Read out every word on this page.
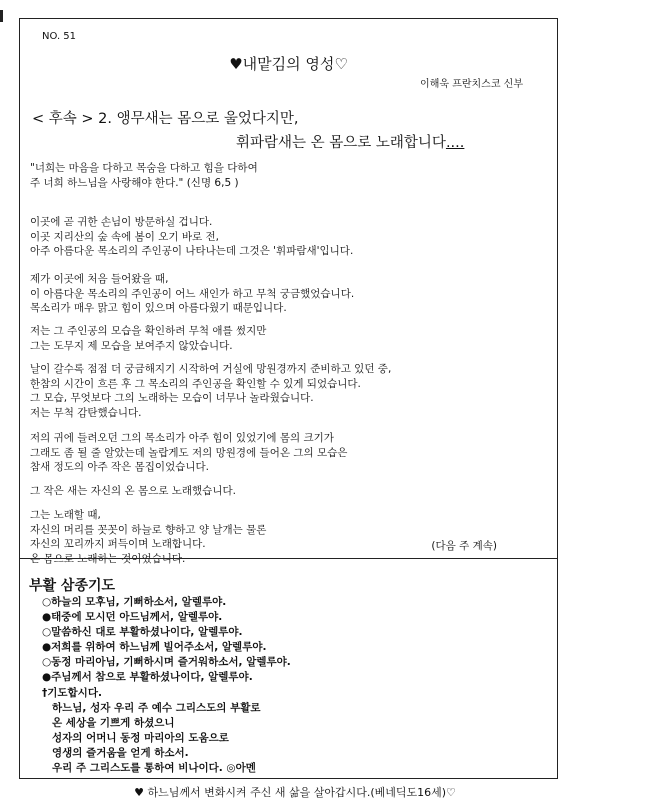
NO. 51
♥내맡김의 영성♡
이해욱 프란치스코 신부
< 후속 > 2. 앵무새는 몸으로 울었다지만,
휘파람새는 온 몸으로 노래합니다....
"너희는 마음을 다하고 목숨을 다하고 힘을 다하여
주 너희 하느님을 사랑해야 한다." (신명 6,5 )
이곳에 곧 귀한 손님이 방문하실 겁니다.
이곳 지리산의 숲 속에 봄이 오기 바로 전,
아주 아름다운 목소리의 주인공이 나타나는데 그것은 '휘파람새'입니다.
제가 이곳에 처음 들어왔을 때,
이 아름다운 목소리의 주인공이 어느 새인가 하고 무척 궁금했었습니다.
목소리가 매우 맑고 힘이 있으며 아름다웠기 때문입니다.
저는 그 주인공의 모습을 확인하려 무척 애를 썼지만
그는 도무지 제 모습을 보여주지 않았습니다.
날이 갈수록 점점 더 궁금해지기 시작하여 거실에 망원경까지 준비하고 있던 중,
한참의 시간이 흐른 후 그 목소리의 주인공을 확인할 수 있게 되었습니다.
그 모습, 무엇보다 그의 노래하는 모습이 너무나 놀라웠습니다.
저는 무척 감탄했습니다.
저의 귀에 들려오던 그의 목소리가 아주 힘이 있었기에 몸의 크기가
그래도 좀 될 줄 알았는데 놀랍게도 저의 망원경에 들어온 그의 모습은
참새 정도의 아주 작은 몸집이었습니다.
그 작은 새는 자신의 온 몸으로 노래했습니다.
그는 노래할 때,
자신의 머리를 꼿꼿이 하늘로 향하고 양 날개는 물론
자신의 꼬리까지 퍼득이며 노래합니다.
온 몸으로 노래하는 것이었습니다.
(다음 주 계속)
부활 삼종기도
○하늘의 모후님, 기뻐하소서, 알렐루야.
●태중에 모시던 아드님께서, 알렐루야.
○말씀하신 대로 부활하셨나이다, 알렐루야.
●저희를 위하여 하느님께 빌어주소서, 알렐루야.
○동정 마리아님, 기뻐하시며 즐거워하소서, 알렐루야.
●주님께서 참으로 부활하셨나이다, 알렐루야.
†기도합시다.
하느님, 성자 우리 주 예수 그리스도의 부활로
온 세상을 기쁘게 하셨으니
성자의 어머니 동정 마리아의 도움으로
영생의 즐거움을 얻게 하소서.
우리 주 그리스도를 통하여 비나이다. ◎아멘
♥ 하느님께서 변화시켜 주신 새 삶을 살아갑시다.(베네딕도16세)♡
